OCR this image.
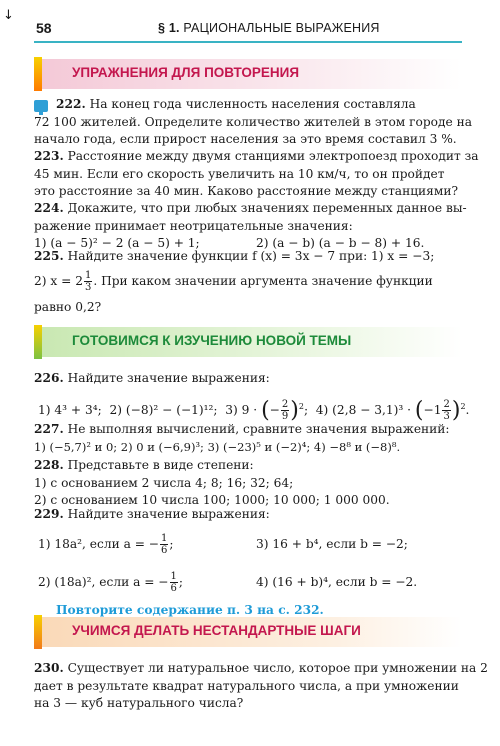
↓
58	§ 1. РАЦИОНАЛЬНЫЕ ВЫРАЖЕНИЯ
УПРАЖНЕНИЯ ДЛЯ ПОВТОРЕНИЯ
222. На конец года численность населения составляла
72 100 жителей. Определите количество жителей в этом городе на
начало года, если прирост населения за это время составил 3 %.
223. Расстояние между двумя станциями электропоезд проходит за
45 мин. Если его скорость увеличить на 10 км/ч, то он пройдет
это расстояние за 40 мин. Каково расстояние между станциями?
224. Докажите, что при любых значениях переменных данное вы-
ражение принимает неотрицательные значения:
1) (a − 5)² − 2 (a − 5) + 1;	2) (a − b) (a − b − 8) + 16.
225. Найдите значение функции f (x) = 3x − 7 при: 1) x = −3;
2) $x = 2 \frac{1}{3}$ . При каком значении аргумента значение функции
равно 0,2?
ГОТОВИМСЯ К ИЗУЧЕНИЮ НОВОЙ ТЕМЫ
226. Найдите значение выражения:
1) 4³ + 3⁴; 2) (−8)² − (−1)¹²; 3) 9 · (− $\frac{2}{9} )^2$;  4) $(2,8 - 3,1)^3 \cdot (-1 \frac{2}{3} )^2$.
227. Не выполняя вычислений, сравните значения выражений:
1) (−5,7)² и 0; 2) 0 и (−6,9)³; 3) (−23)⁵ и (−2)⁴; 4) −8⁸ и (−8)⁸.
228. Представьте в виде степени:
1) с основанием 2 числа 4; 8; 16; 32; 64;
2) с основанием 10 числа 100; 1000; 10 000; 1 000 000.
229. Найдите значение выражения:
1) 18a², если a = − $\frac{1}{6}$ ;	3) 16 + b⁴, если b = −2;
2) (18a)², если a = − $\frac{1}{6}$ ;	4) (16 + b)⁴, если b = −2.
Повторите содержание п. 3 на с. 232.
УЧИМСЯ ДЕЛАТЬ НЕСТАНДАРТНЫЕ ШАГИ
230. Существует ли натуральное число, которое при умножении на 2
дает в результате квадрат натурального числа, а при умножении
на 3 — куб натурального числа?
